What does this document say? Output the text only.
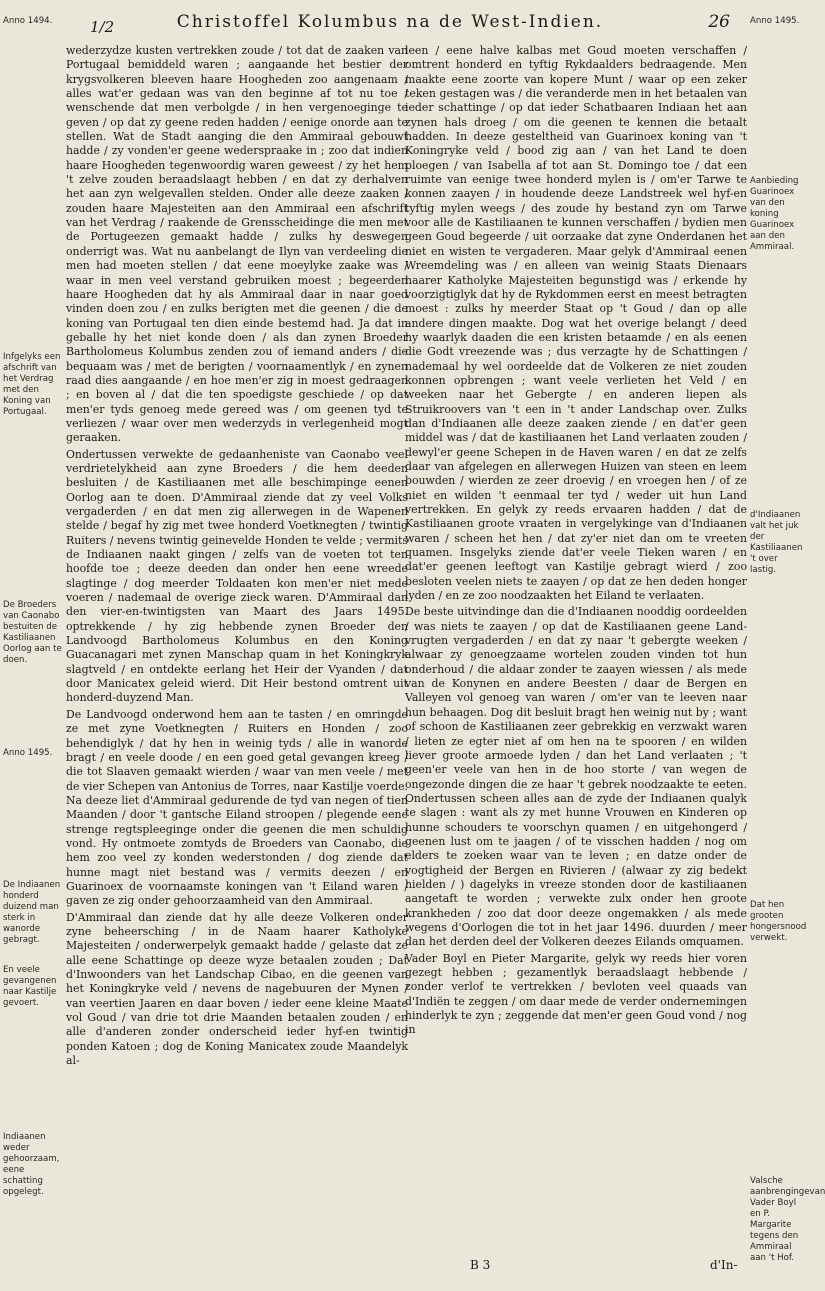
1/2	Christoffel Kolumbus na de West-Indien.	26

wederzydze kusten vertrekken zoude / tot dat de zaaken van Portugaal bemiddeld waren ; aangaande het bestier der krygsvolkeren bleeven haare Hoogheden zoo aangenaam / alles wat'er gedaan was van den beginne af tot nu toe / wenschende dat men verbolgde / in hen vergenoeginge te geven / op dat zy geene reden hadden / eenige onorde aan te stellen. Wat de Stadt aanging die den Ammiraal gebouwt hadde / zy vonden'er geene wederspraake in ; zoo dat indien haare Hoogheden tegenwoordig waren geweest / zy het hem 't zelve zouden beraadslaagt hebben / en dat zy derhalven het aan zyn welgevallen stelden. Onder alle deeze zaaken / zouden haare Majesteiten aan den Ammiraal een afschrift van het Verdrag / raakende de Grensscheidinge die men met de Portugeezen gemaakt hadde / zulks hy deswegen onderrigt was. Wat nu aanbelangt de Ilyn van verdeeling die men had moeten stellen / dat eene moeylyke zaake was / waar in men veel verstand gebruiken moest ; begeerden haare Hoogheden dat hy als Ammiraal daar in naar goed vinden doen zou / en zulks berigten met die geenen / die de koning van Portugaal ten dien einde bestemd had. Ja dat in geballe hy het niet konde doen / als dan zynen Broeder Bartholomeus Kolumbus zenden zou of iemand anders / die bequaam was / met de berigten / voornaamentlyk / en zynen raad dies aangaande / en hoe men'er zig in moest gedraagen ; en boven al / dat die ten spoedigste geschiede / op dat men'er tyds genoeg mede gereed was / om geenen tyd te verliezen / waar over men wederzyds in verlegenheid mogt geraaken.

Ondertussen verwekte de gedaanheniste van Caonabo veel verdrietelykheid aan zyne Broeders / die hem deeden besluiten / de Kastiliaanen met alle beschimpinge eenen Oorlog aan te doen. D'Ammiraal ziende dat zy veel Volks vergaderden / en dat men zig allerwegen in de Wapenen stelde / begaf hy zig met twee honderd Voetknegten / twintig Ruiters / nevens twintig geinevelde Honden te velde ; vermits de Indiaanen naakt gingen / zelfs van de voeten tot ten hoofde toe ; deeze deeden dan onder hen eene wreede slagtinge / dog meerder Toldaaten kon men'er niet mede voeren / nademaal de overige zieck waren. D'Ammiraal dan den vier-en-twintigsten van Maart des Jaars 1495. optrekkende / hy zig hebbende zynen Broeder den Landvoogd Bartholomeus Kolumbus en den Koning Guacanagari met zynen Manschap quam in het Koningkryk slagtveld / en ontdekte eerlang het Heir der Vyanden / dat door Manicatex geleid wierd. Dit Heir bestond omtrent uit honderd-duyzend Man.

De Landvoogd onderwond hem aan te tasten / en omringde ze met zyne Voetknegten / Ruiters en Honden / zoo behendiglyk / dat hy hen in weinig tyds / alle in wanorde bragt / en veele doode / en een goed getal gevangen kreeg / die tot Slaaven gemaakt wierden / waar van men veele / met de vier Schepen van Antonius de Torres, naar Kastilje voerde. Na deeze liet d'Ammiraal gedurende de tyd van negen of tien Maanden / door 't gantsche Eiland stroopen / plegende eene strenge regtspleeginge onder die geenen die men schuldig vond. Hy ontmoete zomtyds de Broeders van Caonabo, die hem zoo veel zy konden wederstonden / dog ziende dat hunne magt niet bestand was / vermits deezen / en Guarinoex de voornaamste koningen van 't Eiland waren / gaven ze zig onder gehoorzaamheid van den Ammiraal.

D'Ammiraal dan ziende dat hy alle deeze Volkeren onder zyne beheersching / in de Naam haarer Katholyke Majesteiten / onderwerpelyk gemaakt hadde / gelaste dat ze alle eene Schattinge op deeze wyze betaalen zouden ; Dat d'Inwoonders van het Landschap Cibao, en die geenen van het Koningkryke veld / nevens de nagebuuren der Mynen / van veertien Jaaren en daar boven / ieder eene kleine Maate vol Goud / van drie tot drie Maanden betaalen zouden / en alle d'anderen zonder onderscheid ieder hyf-en twintig ponden Katoen ; dog de Koning Manicatex zoude Maandelyk al-

leen / eene halve kalbas met Goud moeten verschaffen / omtrent honderd en tyftig Rykdaalders bedraagende. Men maakte eene zoorte van kopere Munt / waar op een zeker teken gestagen was / die veranderde men in het betaalen van ieder schattinge / op dat ieder Schatbaaren Indiaan het aan zynen hals droeg / om die geenen te kennen die betaalt hadden. In deeze gesteltheid van Guarinoex koning van 't Koningryke veld / bood zig aan / van het Land te doen ploegen / van Isabella af tot aan St. Domingo toe / dat een ruimte van eenige twee honderd mylen is / om'er Tarwe te konnen zaayen / in houdende deeze Landstreek wel hyf-en tyftig mylen weegs / des zoude hy bestand zyn om Tarwe voor alle de Kastiliaanen te kunnen verschaffen / bydien men geen Goud begeerde / uit oorzaake dat zyne Onderdanen het niet en wisten te vergaderen. Maar gelyk d'Ammiraal eenen Wreemdeling was / en alleen van weinig Staats Dienaars haarer Katholyke Majesteiten begunstigd was / erkende hy voorzigtiglyk dat hy de Rykdommen eerst en meest betragten moest : zulks hy meerder Staat op 't Goud / dan op alle andere dingen maakte. Dog wat het overige belangt / deed hy waarlyk daaden die een kristen betaamde / en als eenen die Godt vreezende was ; dus verzagte hy de Schattingen / nademaal hy wel oordeelde dat de Volkeren ze niet zouden konnen opbrengen ; want veele verlieten het Veld / en weeken naar het Gebergte / en anderen liepen als Struikroovers van 't een in 't ander Landschap over. Zulks dan d'Indiaanen alle deeze zaaken ziende / en dat'er geen middel was / dat de kastiliaanen het Land verlaaten zouden / dewyl'er geene Schepen in de Haven waren / en dat ze zelfs daar van afgelegen en allerwegen Huizen van steen en leem bouwden / wierden ze zeer droevig / en vroegen hen / of ze niet en wilden 't eenmaal ter tyd / weder uit hun Land vertrekken. En gelyk zy reeds ervaaren hadden / dat de Kastiliaanen groote vraaten in vergelykinge van d'Indiaanen waren / scheen het hen / dat zy'er niet dan om te vreeten quamen. Insgelyks ziende dat'er veele Tieken waren / en dat'er geenen leeftogt van Kastilje gebragt wierd / zoo besloten veelen niets te zaayen / op dat ze hen deden honger lyden / en ze zoo noodzaakten het Eiland te verlaaten.

De beste uitvindinge dan die d'Indiaanen nooddig oordeelden / was niets te zaayen / op dat de Kastiliaanen geene Land-vrugten vergaderden / en dat zy naar 't gebergte weeken / alwaar zy genoegzaame wortelen zouden vinden tot hun onderhoud / die aldaar zonder te zaayen wiessen / als mede van de Konynen en andere Beesten / daar de Bergen en Valleyen vol genoeg van waren / om'er van te leeven naar hun behaagen. Dog dit besluit bragt hen weinig nut by ; want of schoon de Kastiliaanen zeer gebrekkig en verzwakt waren / lieten ze egter niet af om hen na te spooren / en wilden liever groote armoede lyden / dan het Land verlaaten ; 't geen'er veele van hen in de hoo storte / van wegen de ongezonde dingen die ze haar 't gebrek noodzaakte te eeten. Ondertussen scheen alles aan de zyde der Indiaanen qualyk te slagen : want als zy met hunne Vrouwen en Kinderen op hunne schouders te voorschyn quamen / en uitgehongerd / geenen lust om te jaagen / of te visschen hadden / nog om elders te zoeken waar van te leven ; en datze onder de vogtigheid der Bergen en Rivieren / (alwaar zy zig bedekt hielden / ) dagelyks in vreeze stonden door de kastiliaanen aangetaft te worden ; verwekte zulx onder hen groote krankheden / zoo dat door deeze ongemakken / als mede wegens d'Oorlogen die tot in het jaar 1496. duurden / meer dan het derden deel der Volkeren deezes Eilands omquamen.

Vader Boyl en Pieter Margarite, gelyk wy reeds hier voren gezegt hebben ; gezamentlyk beraadslaagt hebbende / zonder verlof te vertrekken / bevloten veel quaads van d'Indiën te zeggen / om daar mede de verder ondernemingen hinderlyk te zyn ; zeggende dat men'er geen Goud vond / nog in

Anno 1494.
Infgelyks een afschrift van het Verdrag met den Koning van Portugaal.
De Broeders van Caonabo bestuiten de Kastiliaanen Oorlog aan te doen.
Anno 1495.
De Indiaanen honderd duizend man sterk in wanorde gebragt.
En veele gevangenen naar Kastilje gevoert.
Indiaanen weder gehoorzaam, eene schatting opgelegt.
Anno 1495.
Aanbieding Guarinoex van den koning Guarinoex aan den Ammiraal.
d'Indiaanen valt het juk der Kastiliaanen 't over lastig.
Dat hen grooten hongersnood verwekt.
Valsche aanbrengingevan Vader Boyl en P. Margarite tegens den Ammiraal aan 't Hof.
B 3	d'In-
